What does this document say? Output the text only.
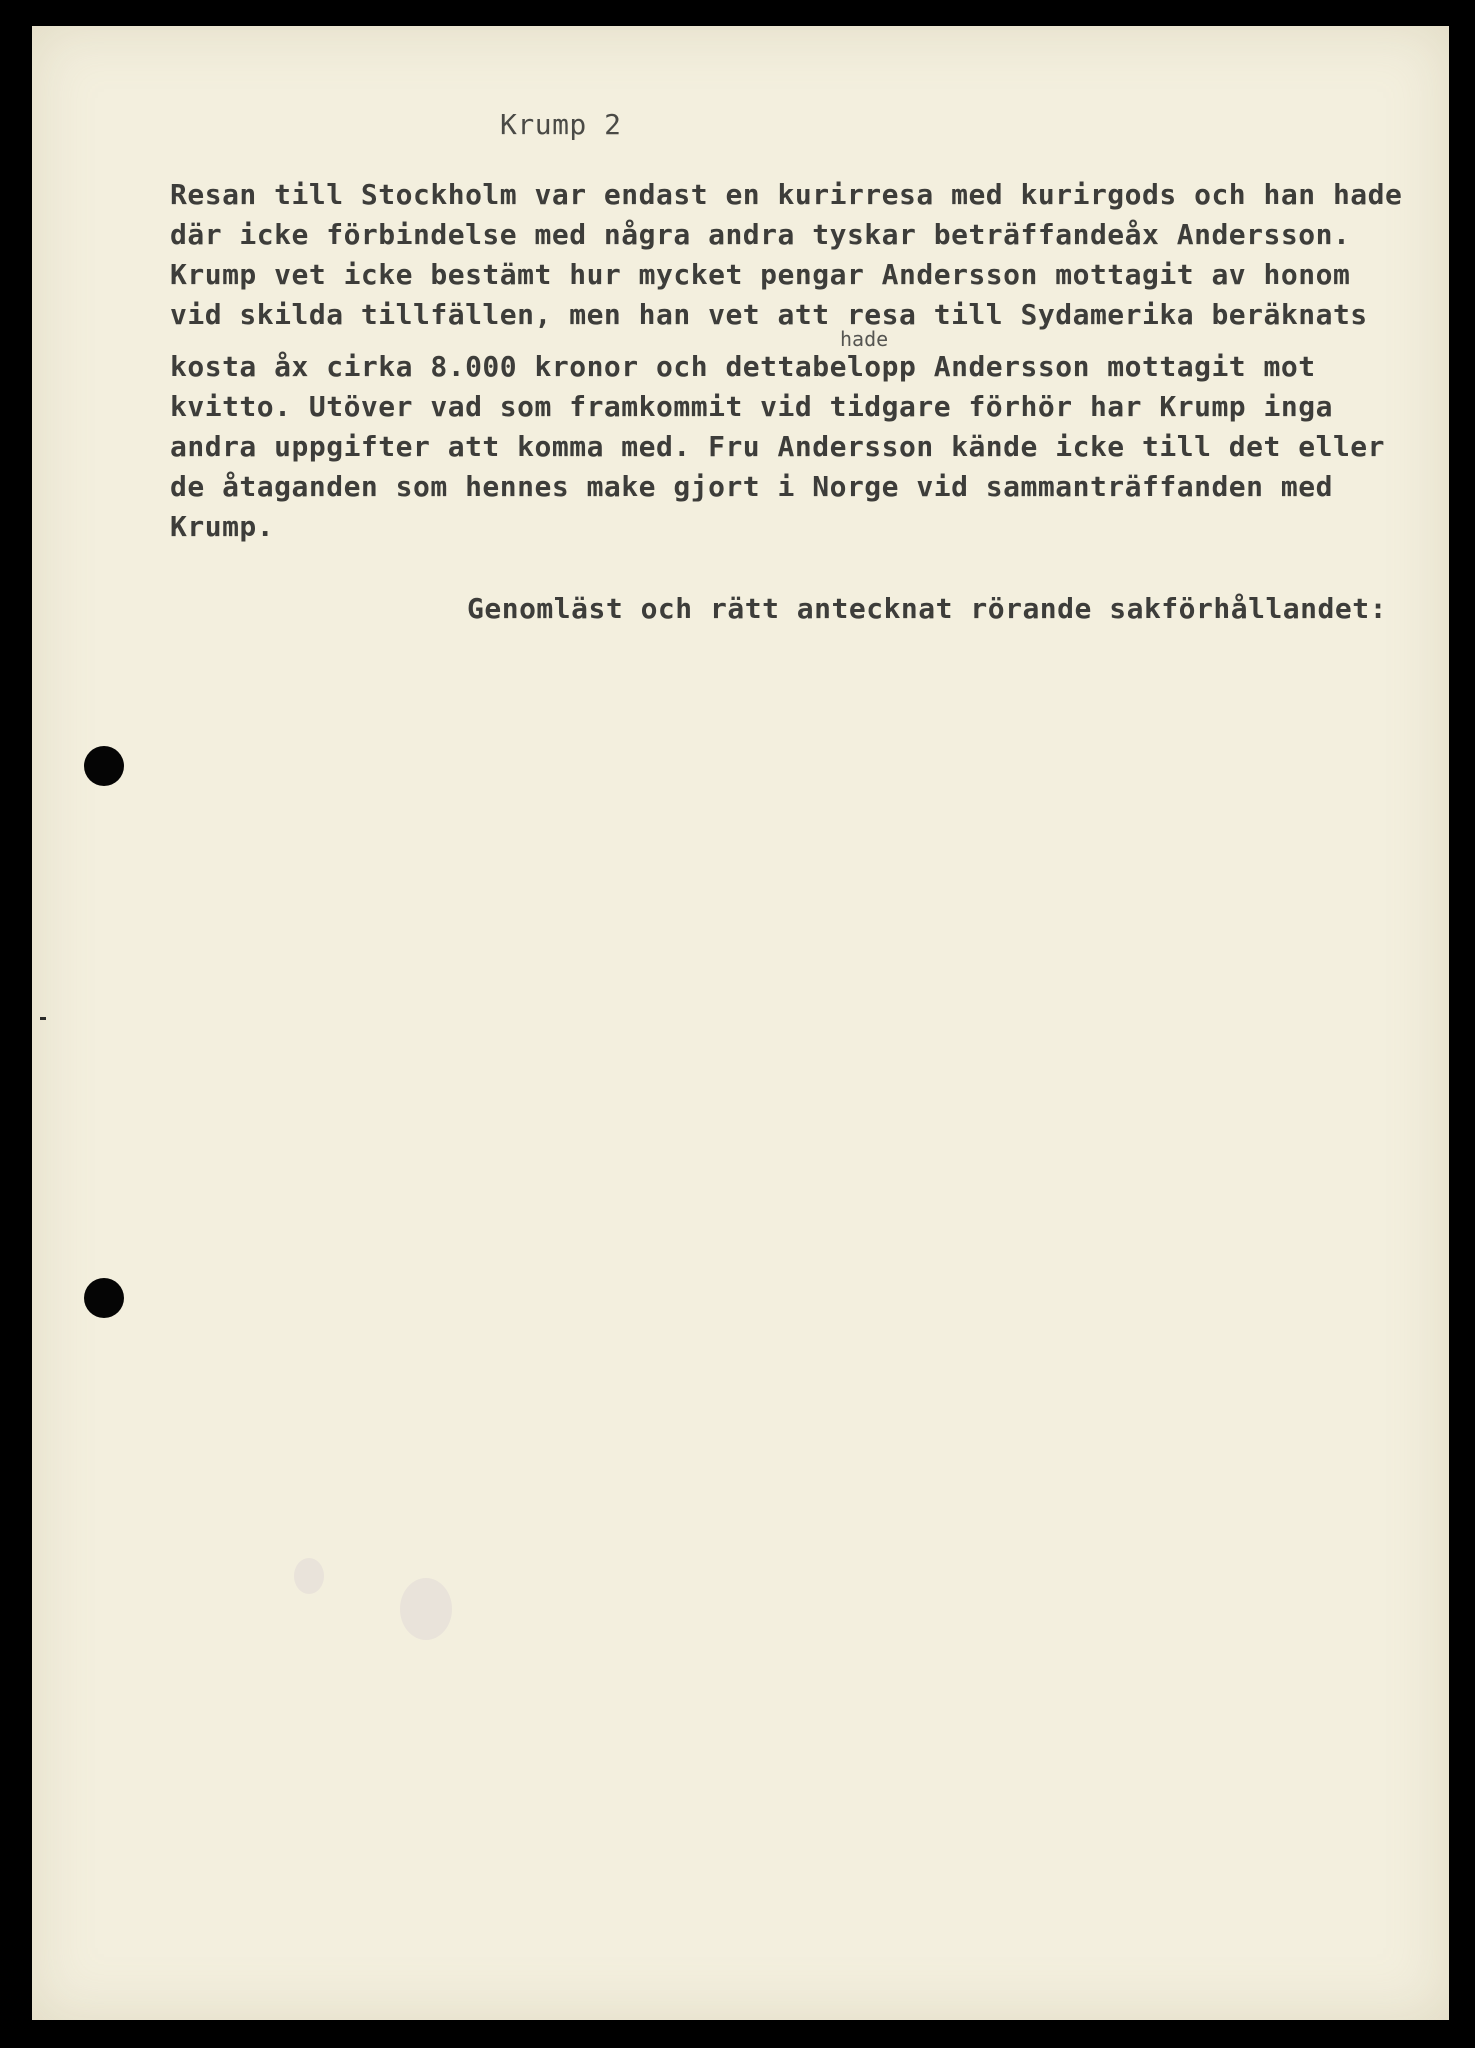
Krump 2
Resan till Stockholm var endast en kurirresa med kurirgods och han hade
där icke förbindelse med några andra tyskar beträffandeåx Andersson.
Krump vet icke bestämt hur mycket pengar Andersson mottagit av honom
vid skilda tillfällen, men han vet att resa till Sydamerika beräknats
hade
kosta åx cirka 8.000 kronor och dettabelopp Andersson mottagit mot
kvitto. Utöver vad som framkommit vid tidgare förhör har Krump inga
andra uppgifter att komma med. Fru Andersson kände icke till det eller
de åtaganden som hennes make gjort i Norge vid sammanträffanden med
Krump.
Genomläst och rätt antecknat rörande sakförhållandet:
